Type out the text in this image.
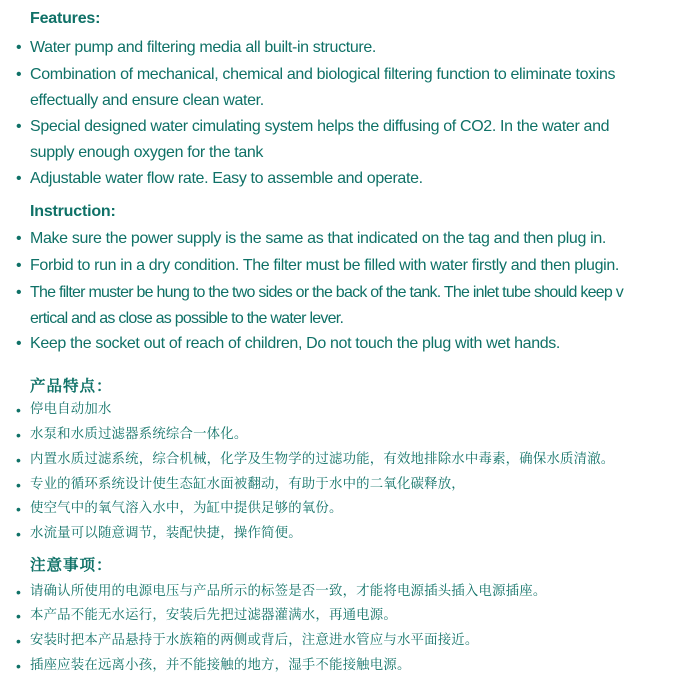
Features:
• Water pump and filtering media all built-in structure.
• Combination of mechanical, chemical and biological filtering function to eliminate toxins
effectually and ensure clean water.
• Special designed water cimulating system helps the diffusing of CO2. In the water and
supply enough oxygen for the tank
• Adjustable water flow rate. Easy to assemble and operate.
Instruction:
• Make sure the power supply is the same as that indicated on the tag and then plug in.
• Forbid to run in a dry condition. The filter must be filled with water firstly and then plugin.
• The filter muster be hung to the two sides or the back of the tank. The inlet tube should keep v
ertical and as close as possible to the water lever.
• Keep the socket out of reach of children, Do not touch the plug with wet hands.
产品特点：
• 停电自动加水
• 水泵和水质过滤器系统综合一体化。
• 内置水质过滤系统，综合机械，化学及生物学的过滤功能，有效地排除水中毒素，确保水质清澈。
• 专业的循环系统设计使生态缸水面被翻动，有助于水中的二氧化碳释放，
• 使空气中的氧气溶入水中，为缸中提供足够的氧份。
• 水流量可以随意调节，装配快捷，操作简便。
注意事项：
• 请确认所使用的电源电压与产品所示的标签是否一致，才能将电源插头插入电源插座。
• 本产品不能无水运行，安装后先把过滤器灌满水，再通电源。
• 安装时把本产品悬持于水族箱的两侧或背后，注意进水管应与水平面接近。
• 插座应装在远离小孩，并不能接触的地方，湿手不能接触电源。
